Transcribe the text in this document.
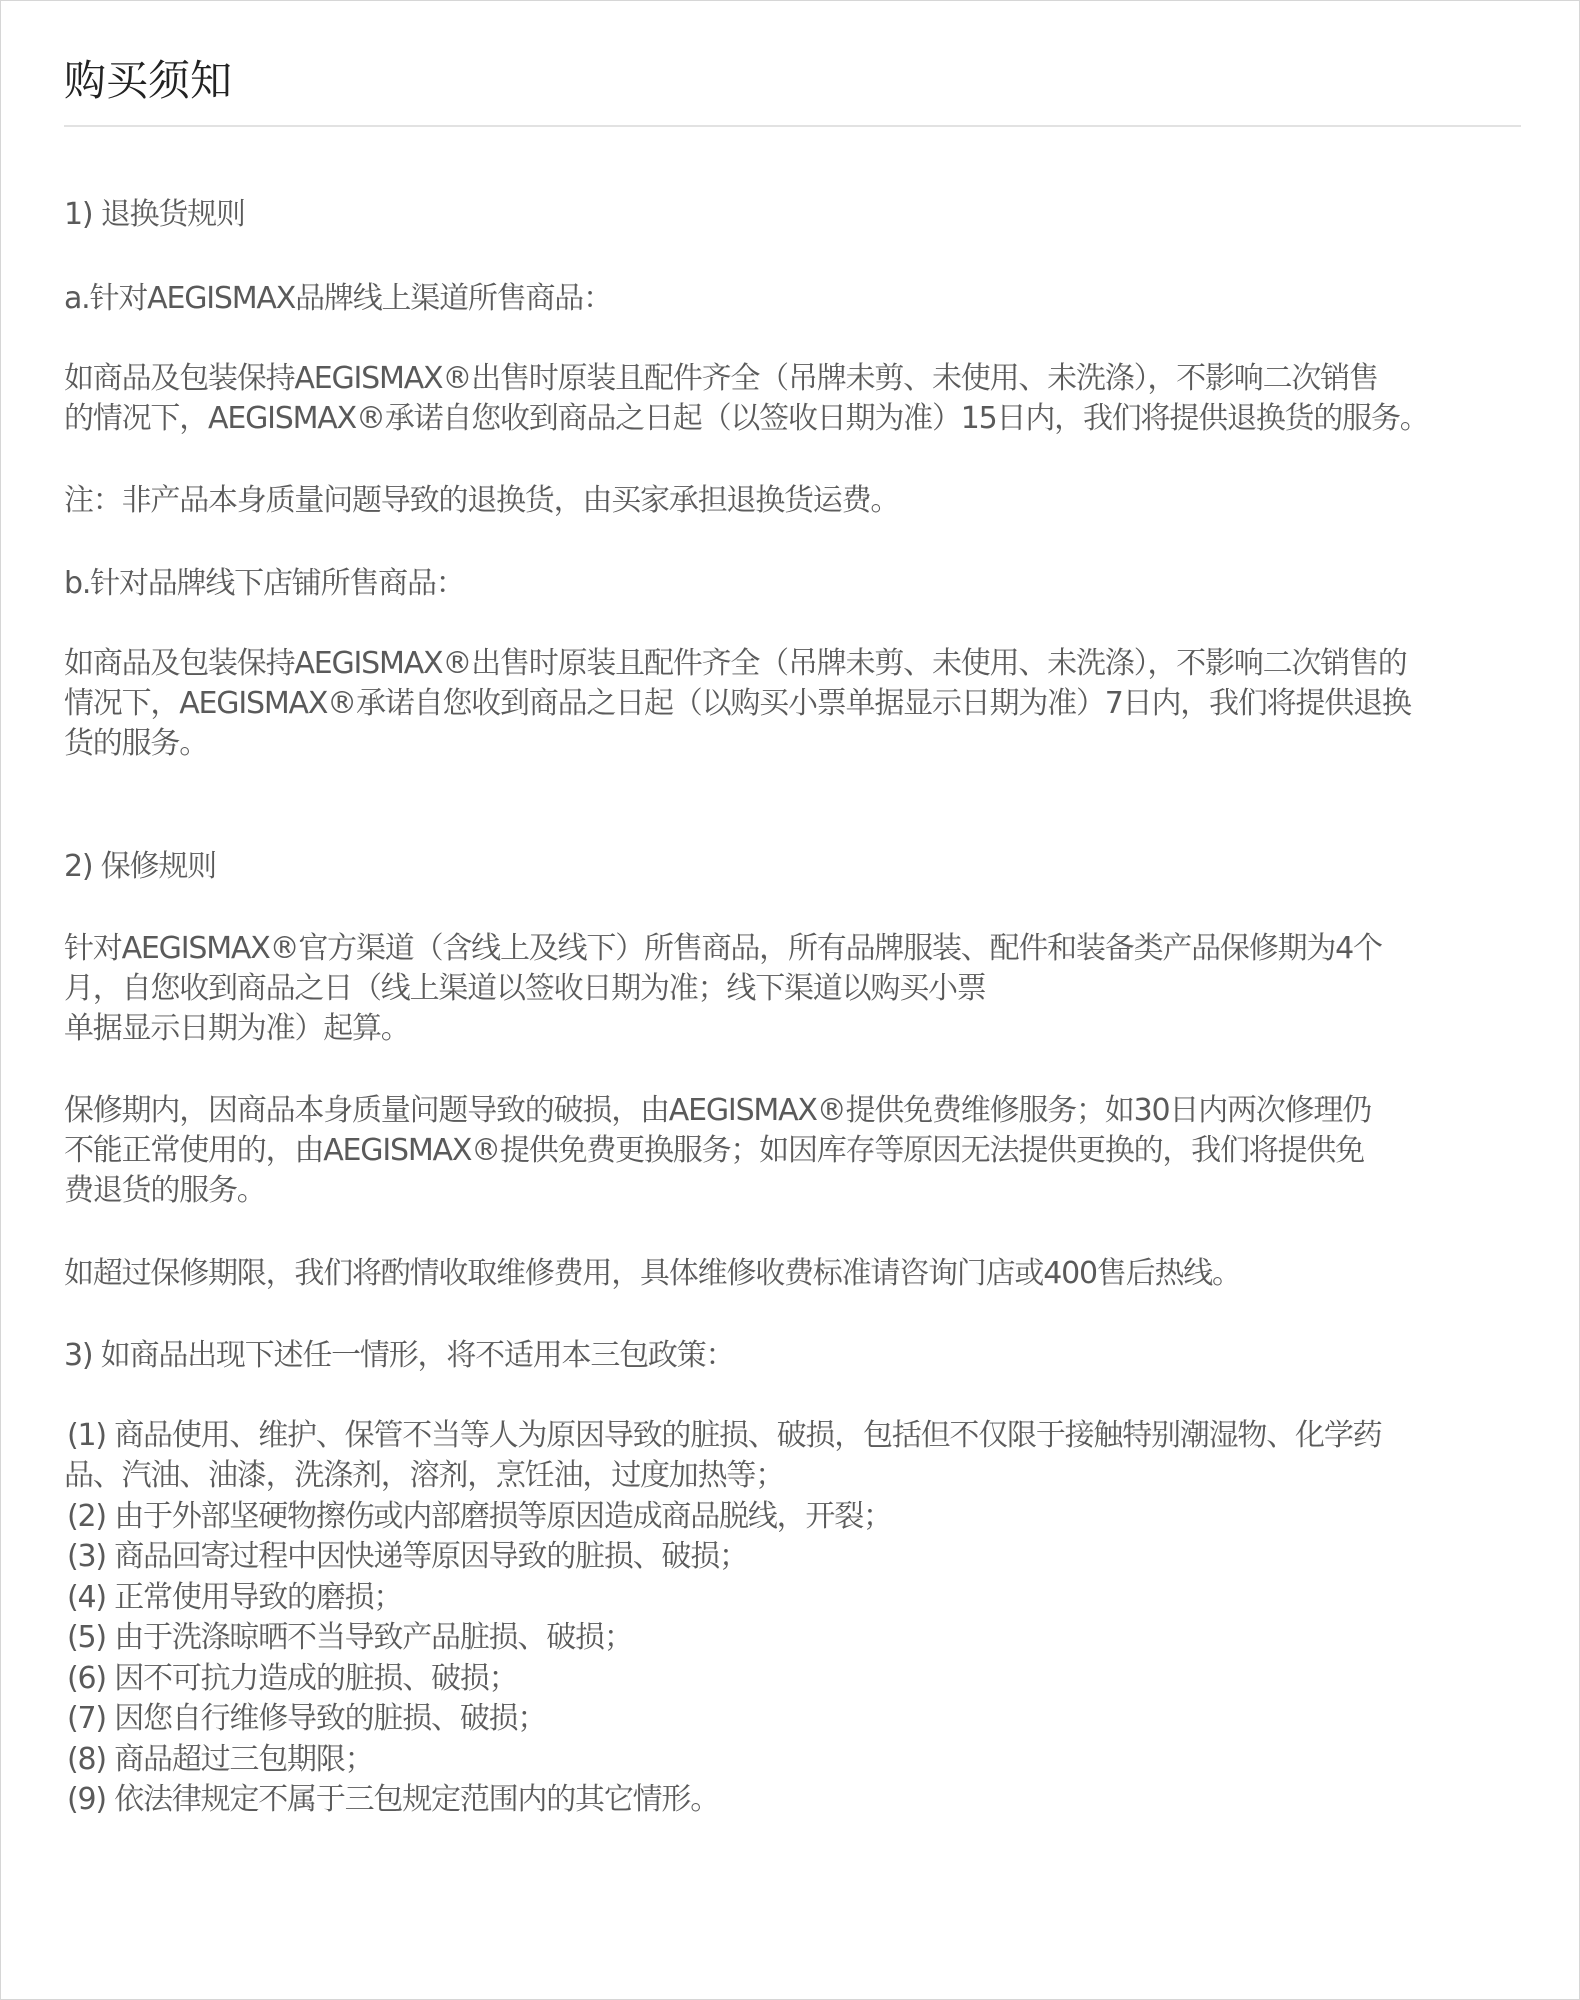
购买须知

1) 退换货规则

a.针对AEGISMAX品牌线上渠道所售商品：

如商品及包装保持AEGISMAX®出售时原装且配件齐全（吊牌未剪、未使用、未洗涤），不影响二次销售

的情况下，AEGISMAX®承诺自您收到商品之日起（以签收日期为准）15日内，我们将提供退换货的服务。

注：非产品本身质量问题导致的退换货，由买家承担退换货运费。

b.针对品牌线下店铺所售商品：

如商品及包装保持AEGISMAX®出售时原装且配件齐全（吊牌未剪、未使用、未洗涤），不影响二次销售的

情况下，AEGISMAX®承诺自您收到商品之日起（以购买小票单据显示日期为准）7日内，我们将提供退换

货的服务。

2) 保修规则

针对AEGISMAX®官方渠道（含线上及线下）所售商品，所有品牌服装、配件和装备类产品保修期为4个

月，自您收到商品之日（线上渠道以签收日期为准；线下渠道以购买小票

单据显示日期为准）起算。

保修期内，因商品本身质量问题导致的破损，由AEGISMAX®提供免费维修服务；如30日内两次修理仍

不能正常使用的，由AEGISMAX®提供免费更换服务；如因库存等原因无法提供更换的，我们将提供免

费退货的服务。

如超过保修期限，我们将酌情收取维修费用，具体维修收费标准请咨询门店或400售后热线。

3) 如商品出现下述任一情形，将不适用本三包政策：

(1) 商品使用、维护、保管不当等人为原因导致的脏损、破损，包括但不仅限于接触特别潮湿物、化学药

品、汽油、油漆，洗涤剂，溶剂，烹饪油，过度加热等；

(2) 由于外部坚硬物擦伤或内部磨损等原因造成商品脱线，开裂；

(3) 商品回寄过程中因快递等原因导致的脏损、破损；

(4) 正常使用导致的磨损；

(5) 由于洗涤晾晒不当导致产品脏损、破损；

(6) 因不可抗力造成的脏损、破损；

(7) 因您自行维修导致的脏损、破损；

(8) 商品超过三包期限；

(9) 依法律规定不属于三包规定范围内的其它情形。
